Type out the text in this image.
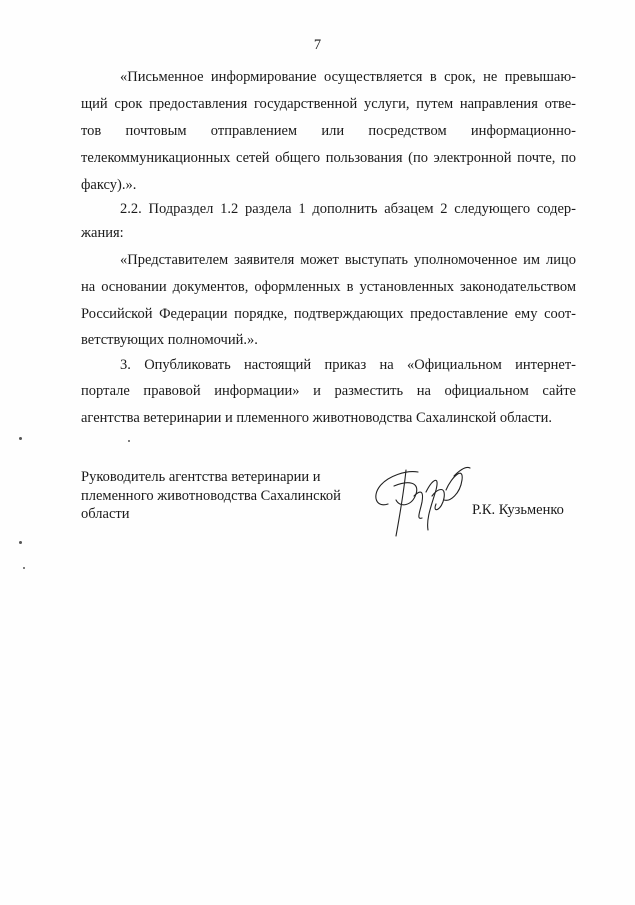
7
«Письменное информирование осуществляется в срок, не превышаю-
щий срок предоставления государственной услуги, путем направления отве-
тов почтовым отправлением или посредством информационно-
телекоммуникационных сетей общего пользования (по электронной почте, по
факсу).».
2.2. Подраздел 1.2 раздела 1 дополнить абзацем 2 следующего содер-
жания:
«Представителем заявителя может выступать уполномоченное им лицо
на основании документов, оформленных в установленных законодательством
Российской Федерации порядке, подтверждающих предоставление ему соот-
ветствующих полномочий.».
3. Опубликовать настоящий приказ на «Официальном интернет-
портале правовой информации» и разместить на официальном сайте
агентства ветеринарии и племенного животноводства Сахалинской области.
Руководитель агентства ветеринарии и
племенного животноводства Сахалинской
области	Р.К. Кузьменко
